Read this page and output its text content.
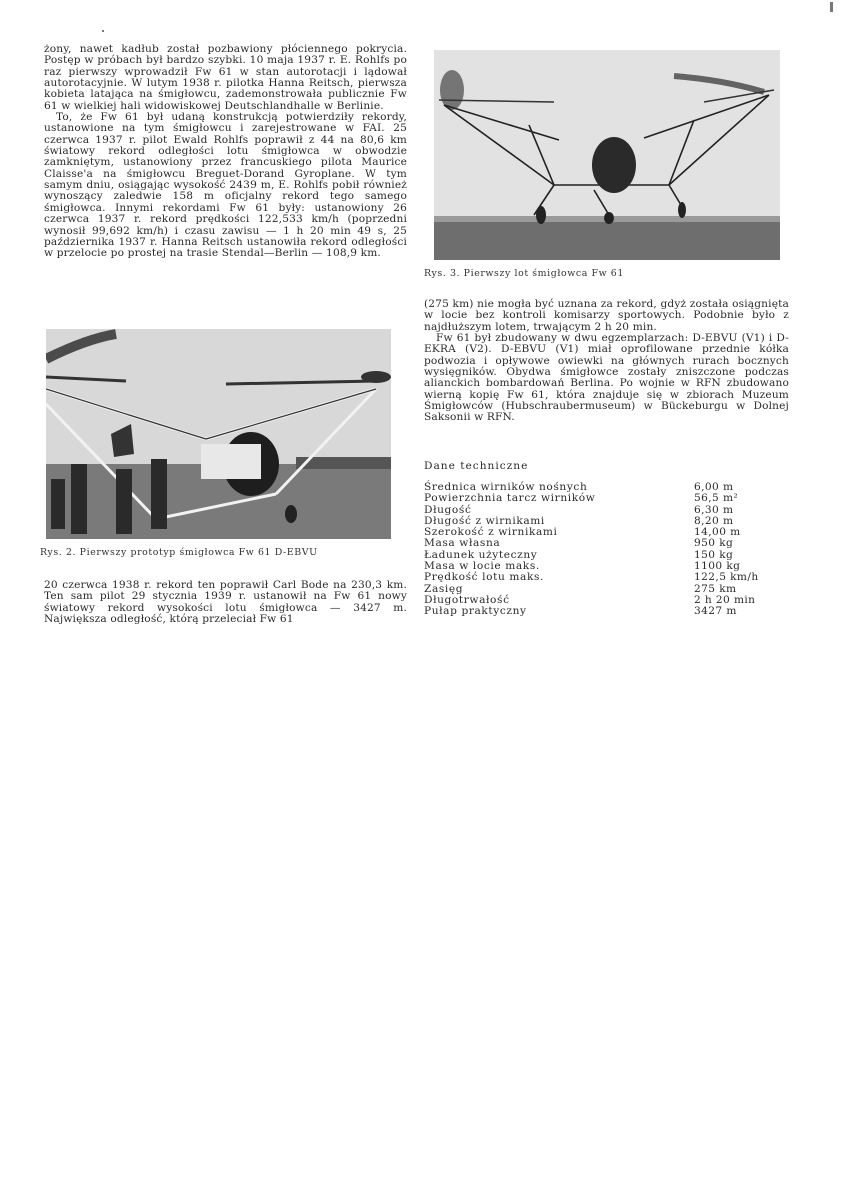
żony, nawet kadłub został pozbawiony płóciennego pokrycia. Postęp w próbach był bardzo szybki. 10 maja 1937 r. E. Rohlfs po raz pierwszy wprowadził Fw 61 w stan autorotacji i lądował autorotacyjnie. W lutym 1938 r. pilotka Hanna Reitsch, pierwsza kobieta latająca na śmigłowcu, zademonstrowała publicznie Fw 61 w wielkiej hali widowiskowej Deutschlandhalle w Berlinie.

To, że Fw 61 był udaną konstrukcją potwierdziły rekordy, ustanowione na tym śmigłowcu i zarejestrowane w FAI. 25 czerwca 1937 r. pilot Ewald Rohlfs poprawił z 44 na 80,6 km światowy rekord odległości lotu śmigłowca w obwodzie zamkniętym, ustanowiony przez francuskiego pilota Maurice Claisse'a na śmigłowcu Breguet-Dorand Gyroplane. W tym samym dniu, osiągając wysokość 2439 m, E. Rohlfs pobił również wynoszący zaledwie 158 m oficjalny rekord tego samego śmigłowca. Innymi rekordami Fw 61 były: ustanowiony 26 czerwca 1937 r. rekord prędkości 122,533 km/h (poprzedni wynosił 99,692 km/h) i czasu zawisu — 1 h 20 min 49 s, 25 października 1937 r. Hanna Reitsch ustanowiła rekord odległości w przelocie po prostej na trasie Stendal—Berlin — 108,9 km.

Rys. 3. Pierwszy lot śmigłowca Fw 61
Rys. 2. Pierwszy prototyp śmigłowca Fw 61 D-EBVU

20 czerwca 1938 r. rekord ten poprawił Carl Bode na 230,3 km. Ten sam pilot 29 stycznia 1939 r. ustanowił na Fw 61 nowy światowy rekord wysokości lotu śmigłowca — 3427 m. Największa odległość, którą przeleciał Fw 61

(275 km) nie mogła być uznana za rekord, gdyż została osiągnięta w locie bez kontroli komisarzy sportowych. Podobnie było z najdłuższym lotem, trwającym 2 h 20 min.

Fw 61 był zbudowany w dwu egzemplarzach: D-EBVU (V1) i D-EKRA (V2). D-EBVU (V1) miał oprofilowane przednie kółka podwozia i opływowe owiewki na głównych rurach bocznych wysięgników. Obydwa śmigłowce zostały zniszczone podczas alianckich bombardowań Berlina. Po wojnie w RFN zbudowano wierną kopię Fw 61, która znajduje się w zbiorach Muzeum Śmigłowców (Hubschraubermuseum) w Bückeburgu w Dolnej Saksonii w RFN.

Dane techniczne
Średnica wirników nośnych	6,00 m
Powierzchnia tarcz wirników	56,5 m²
Długość	6,30 m
Długość z wirnikami	8,20 m
Szerokość z wirnikami	14,00 m
Masa własna	950 kg
Ładunek użyteczny	150 kg
Masa w locie maks.	1100 kg
Prędkość lotu maks.	122,5 km/h
Zasięg	275 km
Długotrwałość	2 h 20 min
Pułap praktyczny	3427 m
